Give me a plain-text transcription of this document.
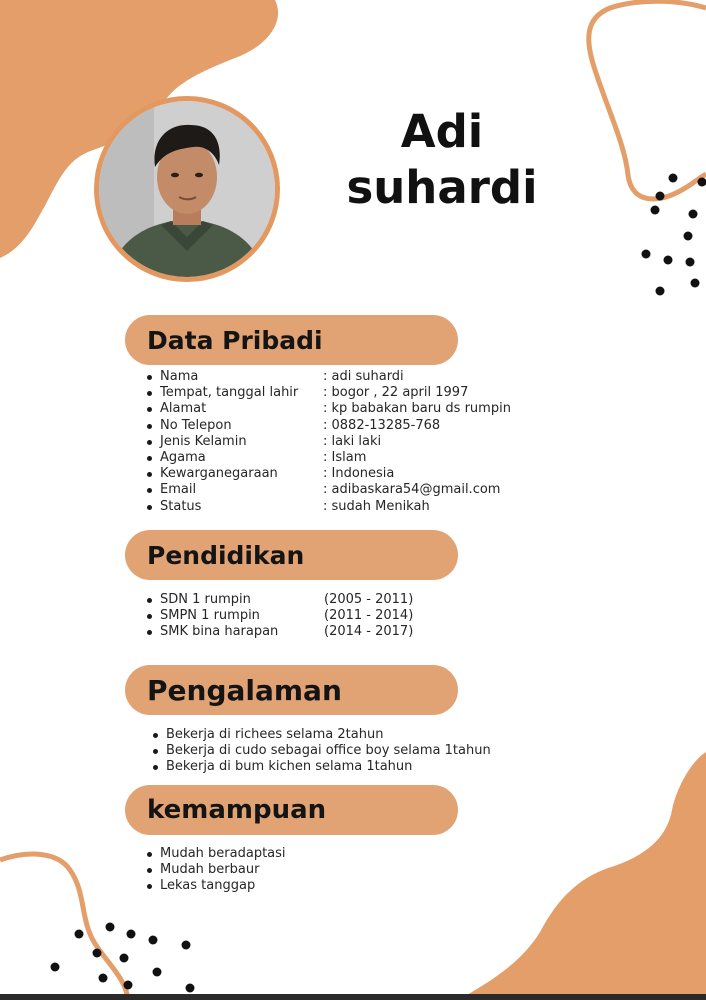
Adi
suhardi
Data Pribadi
Nama	: adi suhardi
Tempat, tanggal lahir : bogor , 22 april 1997
Alamat	: kp babakan baru ds rumpin
No Telepon	: 0882-13285-768
Jenis Kelamin	: laki laki
Agama	: Islam
Kewarganegaraan	: Indonesia
Email	: adibaskara54@gmail.com
Status	: sudah Menikah
Pendidikan
SDN 1 rumpin	(2005 - 2011)
SMPN 1 rumpin	(2011 - 2014)
SMK bina harapan	(2014 - 2017)
Pengalaman
Bekerja di richees selama 2tahun
Bekerja di cudo sebagai office boy selama 1tahun
Bekerja di bum kichen selama 1tahun
kemampuan
Mudah beradaptasi
Mudah berbaur
Lekas tanggap
